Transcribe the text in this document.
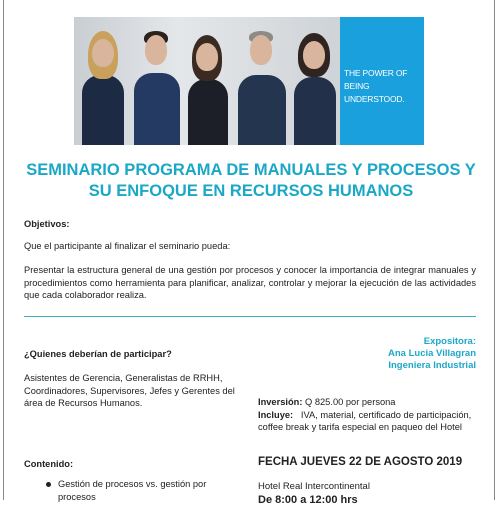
THE POWER OF
BEING UNDERSTOOD.
SEMINARIO PROGRAMA DE MANUALES Y PROCESOS Y
SU ENFOQUE EN RECURSOS HUMANOS
Objetivos:
Que el participante al finalizar el seminario pueda:
Presentar la estructura general de una gestión por procesos y conocer la importancia de integrar manuales y procedimientos como herramienta para planificar, analizar, controlar y mejorar la ejecución de las actividades que cada colaborador realiza.
Expositora:
Ana Lucia Villagran
Ingeniera Industrial
¿Quienes deberían de participar?
Asistentes de Gerencia, Generalistas de RRHH, Coordinadores, Supervisores, Jefes y Gerentes del área de Recursos Humanos.	Inversión: Q 825.00 por persona
Incluye: IVA, material, certificado de participación, coffee break y tarifa especial en paqueo del Hotel
Contenido:	FECHA JUEVES 22 DE AGOSTO 2019
Hotel Real Intercontinental
De 8:00 a 12:00 hrs
Gestión de procesos vs. gestión por procesos
